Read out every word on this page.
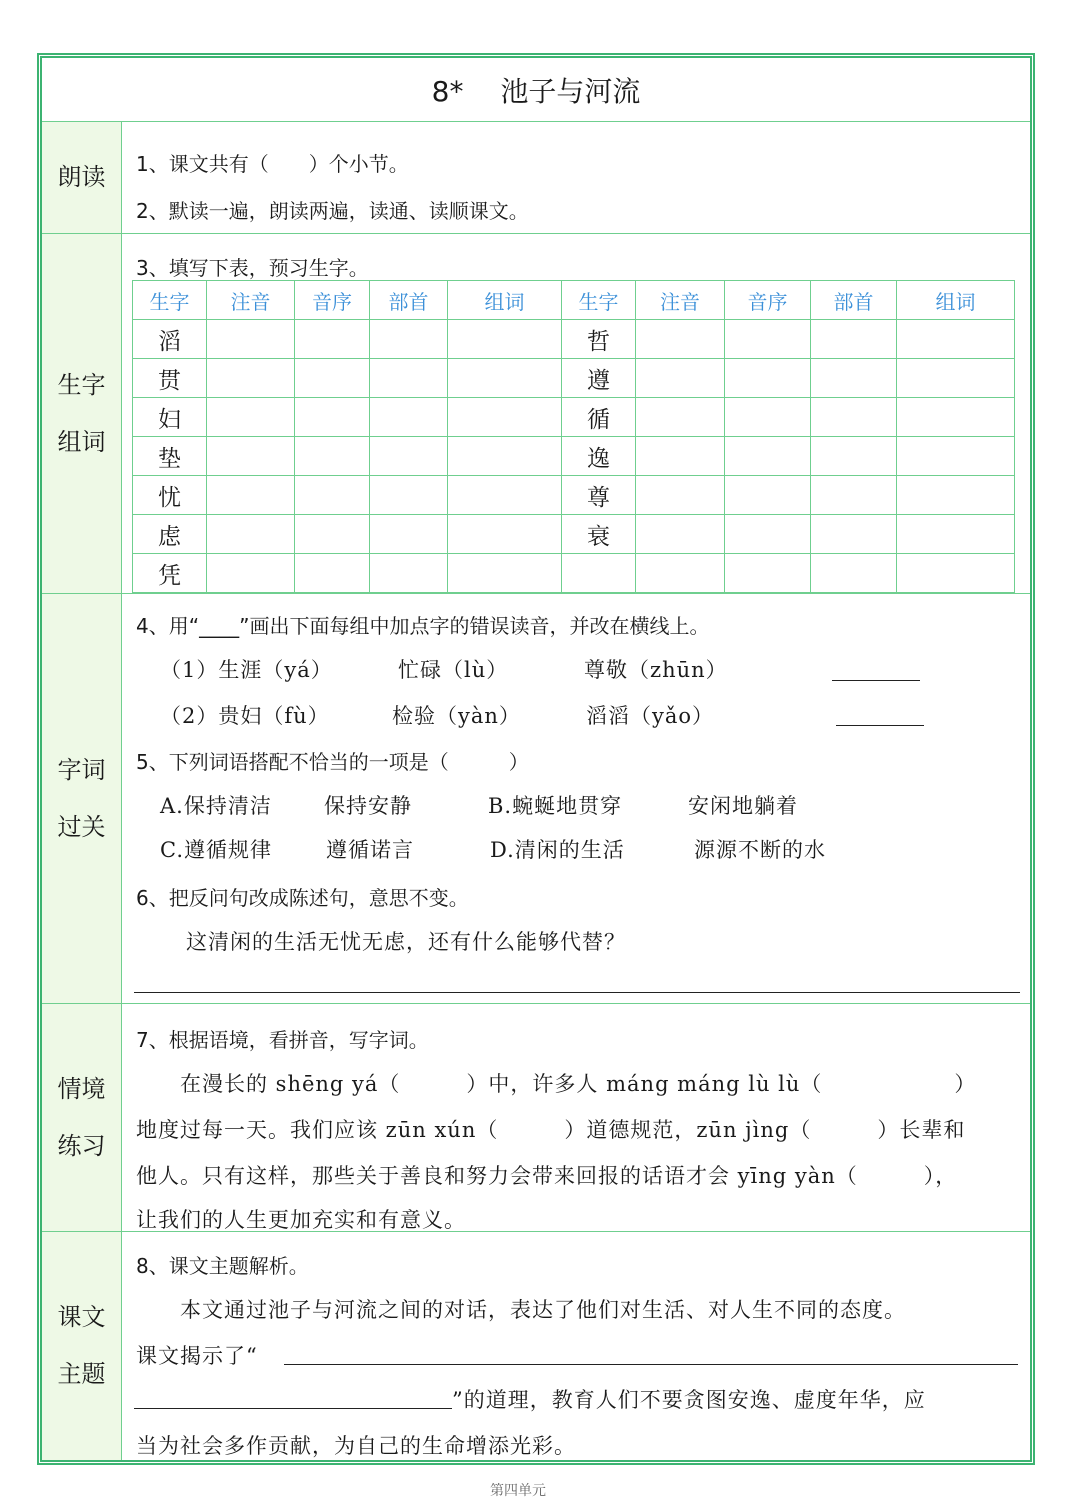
8*　 池子与河流
朗读 1、课文共有（　　）个小节。
2、默读一遍，朗读两遍，读通、读顺课文。
生字
组词
3、填写下表，预习生字。
生字	注音	音序	部首	组词	生字	注音	音序	部首	组词
滔					哲				
贯					遵				
妇					循				
垫					逸				
忧					尊				
虑					衰				
凭									
字词
过关
4、用“____”画出下面每组中加点字的错误读音，并改在横线上。
（1）生涯（yá）	忙碌（lù）	尊敬（zhūn）
（2）贵妇（fù）	检验（yàn）	滔滔（yǎo）
5、下列词语搭配不恰当的一项是（　　　）
A.保持清洁 保持安静	B.蜿蜒地贯穿	安闲地躺着
C.遵循规律	遵循诺言	D.清闲的生活	源源不断的水
6、把反问句改成陈述句，意思不变。
这清闲的生活无忧无虑，还有什么能够代替？
情境
练习
7、根据语境，看拼音，写字词。
　　在漫长的 shēng yá（　　　）中，许多人 máng máng lù lù（　　　　　　）
地度过每一天。我们应该 zūn xún（　　　）道德规范，zūn jìng（　　　）长辈和
他人。只有这样，那些关于善良和努力会带来回报的话语才会 yīng yàn（　　　），
让我们的人生更加充实和有意义。
课文
主题
8、课文主题解析。
　　本文通过池子与河流之间的对话，表达了他们对生活、对人生不同的态度。
课文揭示了“
”的道理，教育人们不要贪图安逸、虚度年华，应
当为社会多作贡献，为自己的生命增添光彩。
第四单元
